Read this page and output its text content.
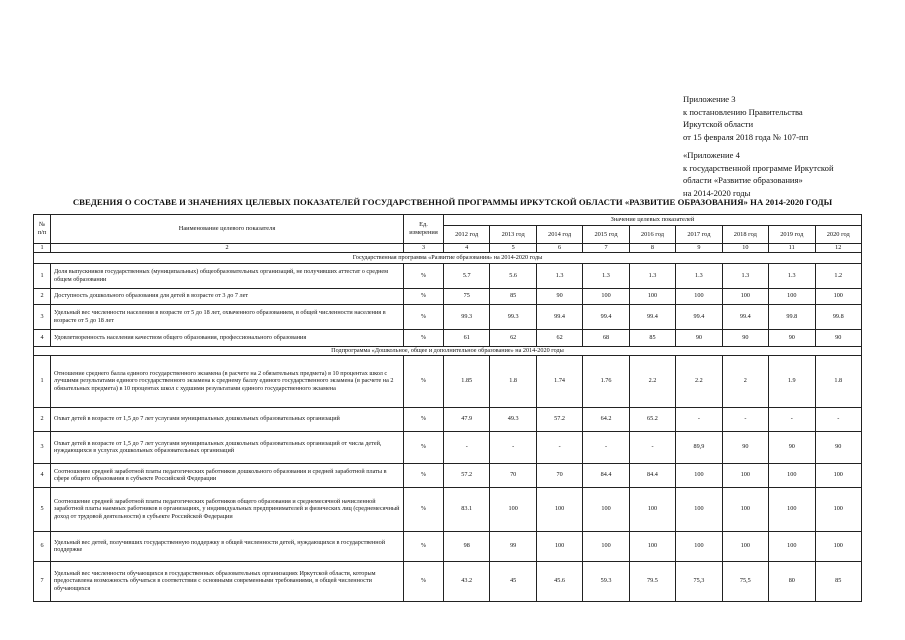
Приложение 3
к постановлению Правительства
Иркутской области
от 15 февраля 2018 года № 107-пп
«Приложение 4
к государственной программе Иркутской
области «Развитие образования»
на 2014-2020 годы
СВЕДЕНИЯ О СОСТАВЕ И ЗНАЧЕНИЯХ ЦЕЛЕВЫХ ПОКАЗАТЕЛЕЙ ГОСУДАРСТВЕННОЙ ПРОГРАММЫ ИРКУТСКОЙ ОБЛАСТИ «РАЗВИТИЕ ОБРАЗОВАНИЯ» НА 2014-2020 ГОДЫ
№ п/п	Наименование целевого показателя	Ед. измерения	Значение целевых показателей								
			2012 год	2013 год	2014 год	2015 год	2016 год	2017 год	2018 год	2019 год	2020 год
1	2	3	4	5	6	7	8	9	10	11	12
Государственная программа «Развитие образования» на 2014-2020 годы											
1	Доля выпускников государственных (муниципальных) общеобразовательных организаций, не получивших аттестат о среднем общем образовании	%	5.7	5.6	1.3	1.3	1.3	1.3	1.3	1.3	1.2
2	Доступность дошкольного образования для детей в возрасте от 3 до 7 лет	%	75	85	90	100	100	100	100	100	100
3	Удельный вес численности населения в возрасте от 5 до 18 лет, охваченного образованием, в общей численности населения в возрасте от 5 до 18 лет	%	99.3	99.3	99.4	99.4	99.4	99.4	99.4	99.8	99.8
4	Удовлетворенность населения качеством общего образования, профессионального образования	%	61	62	62	68	85	90	90	90	90
Подпрограмма «Дошкольное, общее и дополнительное образование» на 2014-2020 годы											
1	Отношение среднего балла единого государственного экзамена (в расчете на 2 обязательных предмета) в 10 процентах школ с лучшими результатами единого государственного экзамена к среднему баллу единого государственного экзамена (в расчете на 2 обязательных предмета) в 10 процентах школ с худшими результатами единого государственного экзамена	%	1.85	1.8	1.74	1.76	2.2	2.2	2	1.9	1.8
2	Охват детей в возрасте от 1,5 до 7 лет услугами муниципальных дошкольных образовательных организаций	%	47.9	49.3	57.2	64.2	65.2	-	-	-	-
3	Охват детей в возрасте от 1,5 до 7 лет услугами муниципальных дошкольных образовательных организаций от числа детей, нуждающихся в услугах дошкольных образовательных организаций	%	-	-	-	-	-	89,9	90	90	90
4	Соотношение средней заработной платы педагогических работников дошкольного образования и средней заработной платы в сфере общего образования в субъекте Российской Федерации	%	57.2	70	70	84.4	84.4	100	100	100	100
5	Соотношение средней заработной платы педагогических работников общего образования и среднемесячной начисленной заработной платы наемных работников в организациях, у индивидуальных предпринимателей и физических лиц (среднемесячный доход от трудовой деятельности) в субъекте Российской Федерации	%	83.1	100	100	100	100	100	100	100	100
6	Удельный вес детей, получивших государственную поддержку в общей численности детей, нуждающихся в государственной поддержке	%	98	99	100	100	100	100	100	100	100
7	Удельный вес численности обучающихся в государственных образовательных организациях Иркутской области, которым предоставлена возможность обучаться в соответствии с основными современными требованиями, в общей численности обучающихся	%	43.2	45	45.6	59.3	79.5	75,3	75,5	80	85
